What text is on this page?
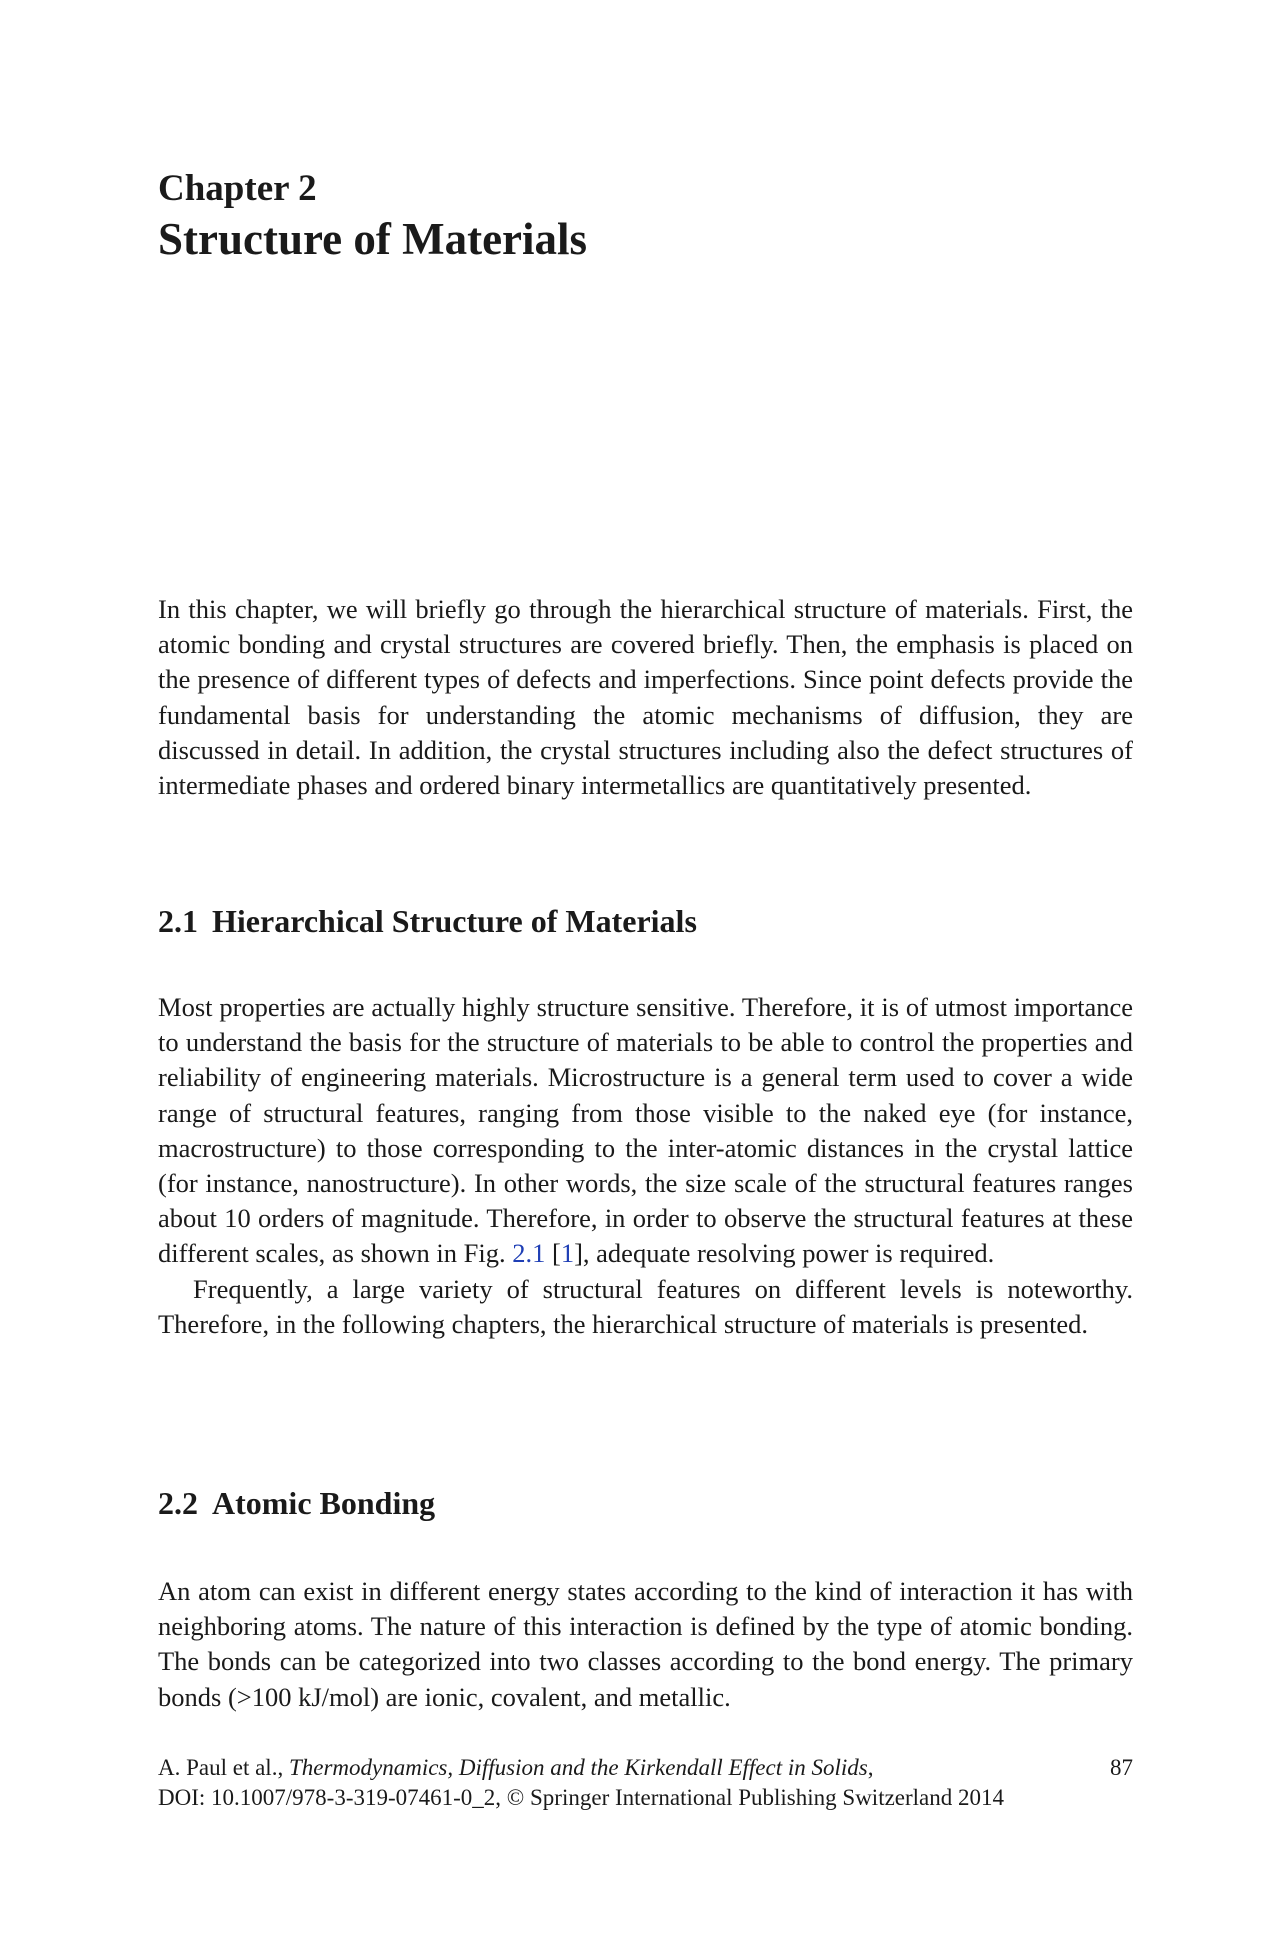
Chapter 2
Structure of Materials

In this chapter, we will briefly go through the hierarchical structure of materials. First, the atomic bonding and crystal structures are covered briefly. Then, the emphasis is placed on the presence of different types of defects and imperfections. Since point defects provide the fundamental basis for understanding the atomic mechanisms of diffusion, they are discussed in detail. In addition, the crystal structures including also the defect structures of intermediate phases and ordered binary intermetallics are quantitatively presented.

2.1 Hierarchical Structure of Materials

Most properties are actually highly structure sensitive. Therefore, it is of utmost importance to understand the basis for the structure of materials to be able to control the properties and reliability of engineering materials. Microstructure is a general term used to cover a wide range of structural features, ranging from those visible to the naked eye (for instance, macrostructure) to those corresponding to the inter-atomic distances in the crystal lattice (for instance, nanostructure). In other words, the size scale of the structural features ranges about 10 orders of magnitude. Therefore, in order to observe the structural features at these different scales, as shown in Fig. 2.1 [1], adequate resolving power is required.

Frequently, a large variety of structural features on different levels is noteworthy. Therefore, in the following chapters, the hierarchical structure of materials is presented.

2.2 Atomic Bonding

An atom can exist in different energy states according to the kind of interaction it has with neighboring atoms. The nature of this interaction is defined by the type of atomic bonding. The bonds can be categorized into two classes according to the bond energy. The primary bonds (>100 kJ/mol) are ionic, covalent, and metallic.

A. Paul et al., Thermodynamics, Diffusion and the Kirkendall Effect in Solids,	87
DOI: 10.1007/978-3-319-07461-0_2, © Springer International Publishing Switzerland 2014
